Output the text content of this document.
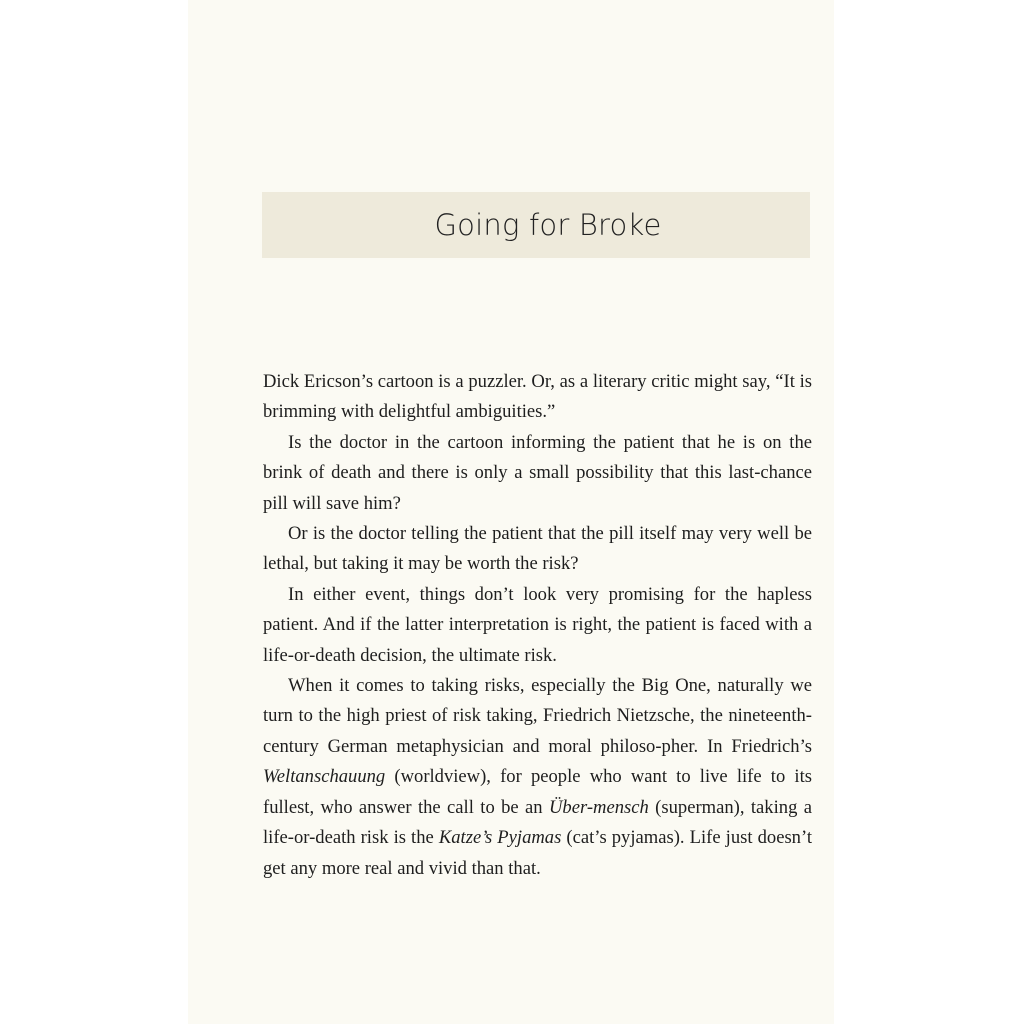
Going for Broke

Dick Ericson’s cartoon is a puzzler. Or, as a literary critic might say, “It is brimming with delightful ambiguities.”

Is the doctor in the cartoon informing the patient that he is on the brink of death and there is only a small possibility that this last-chance pill will save him?

Or is the doctor telling the patient that the pill itself may very well be lethal, but taking it may be worth the risk?

In either event, things don’t look very promising for the hapless patient. And if the latter interpretation is right, the patient is faced with a life-or-death decision, the ultimate risk.

When it comes to taking risks, especially the Big One, naturally we turn to the high priest of risk taking, Friedrich Nietzsche, the nineteenth-century German metaphysician and moral philoso-pher. In Friedrich’s Weltanschauung (worldview), for people who want to live life to its fullest, who answer the call to be an Über-mensch (superman), taking a life-or-death risk is the Katze’s Pyjamas (cat’s pyjamas). Life just doesn’t get any more real and vivid than that.
